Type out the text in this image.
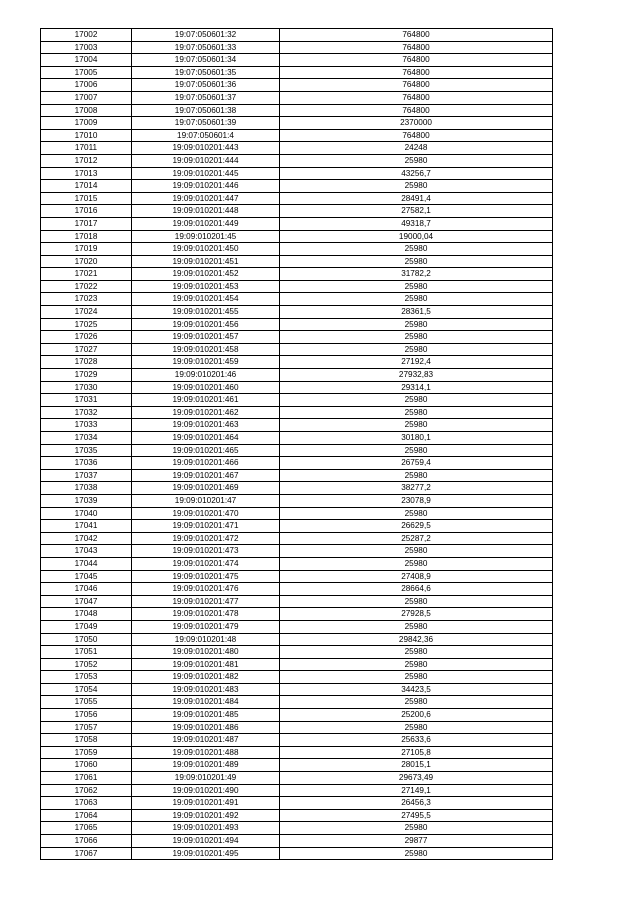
17002	19:07:050601:32	764800
17003	19:07:050601:33	764800
17004	19:07:050601:34	764800
17005	19:07:050601:35	764800
17006	19:07:050601:36	764800
17007	19:07:050601:37	764800
17008	19:07:050601:38	764800
17009	19:07:050601:39	2370000
17010	19:07:050601:4	764800
17011	19:09:010201:443	24248
17012	19:09:010201:444	25980
17013	19:09:010201:445	43256,7
17014	19:09:010201:446	25980
17015	19:09:010201:447	28491,4
17016	19:09:010201:448	27582,1
17017	19:09:010201:449	49318,7
17018	19:09:010201:45	19000,04
17019	19:09:010201:450	25980
17020	19:09:010201:451	25980
17021	19:09:010201:452	31782,2
17022	19:09:010201:453	25980
17023	19:09:010201:454	25980
17024	19:09:010201:455	28361,5
17025	19:09:010201:456	25980
17026	19:09:010201:457	25980
17027	19:09:010201:458	25980
17028	19:09:010201:459	27192,4
17029	19:09:010201:46	27932,83
17030	19:09:010201:460	29314,1
17031	19:09:010201:461	25980
17032	19:09:010201:462	25980
17033	19:09:010201:463	25980
17034	19:09:010201:464	30180,1
17035	19:09:010201:465	25980
17036	19:09:010201:466	26759,4
17037	19:09:010201:467	25980
17038	19:09:010201:469	38277,2
17039	19:09:010201:47	23078,9
17040	19:09:010201:470	25980
17041	19:09:010201:471	26629,5
17042	19:09:010201:472	25287,2
17043	19:09:010201:473	25980
17044	19:09:010201:474	25980
17045	19:09:010201:475	27408,9
17046	19:09:010201:476	28664,6
17047	19:09:010201:477	25980
17048	19:09:010201:478	27928,5
17049	19:09:010201:479	25980
17050	19:09:010201:48	29842,36
17051	19:09:010201:480	25980
17052	19:09:010201:481	25980
17053	19:09:010201:482	25980
17054	19:09:010201:483	34423,5
17055	19:09:010201:484	25980
17056	19:09:010201:485	25200,6
17057	19:09:010201:486	25980
17058	19:09:010201:487	25633,6
17059	19:09:010201:488	27105,8
17060	19:09:010201:489	28015,1
17061	19:09:010201:49	29673,49
17062	19:09:010201:490	27149,1
17063	19:09:010201:491	26456,3
17064	19:09:010201:492	27495,5
17065	19:09:010201:493	25980
17066	19:09:010201:494	29877
17067	19:09:010201:495	25980
